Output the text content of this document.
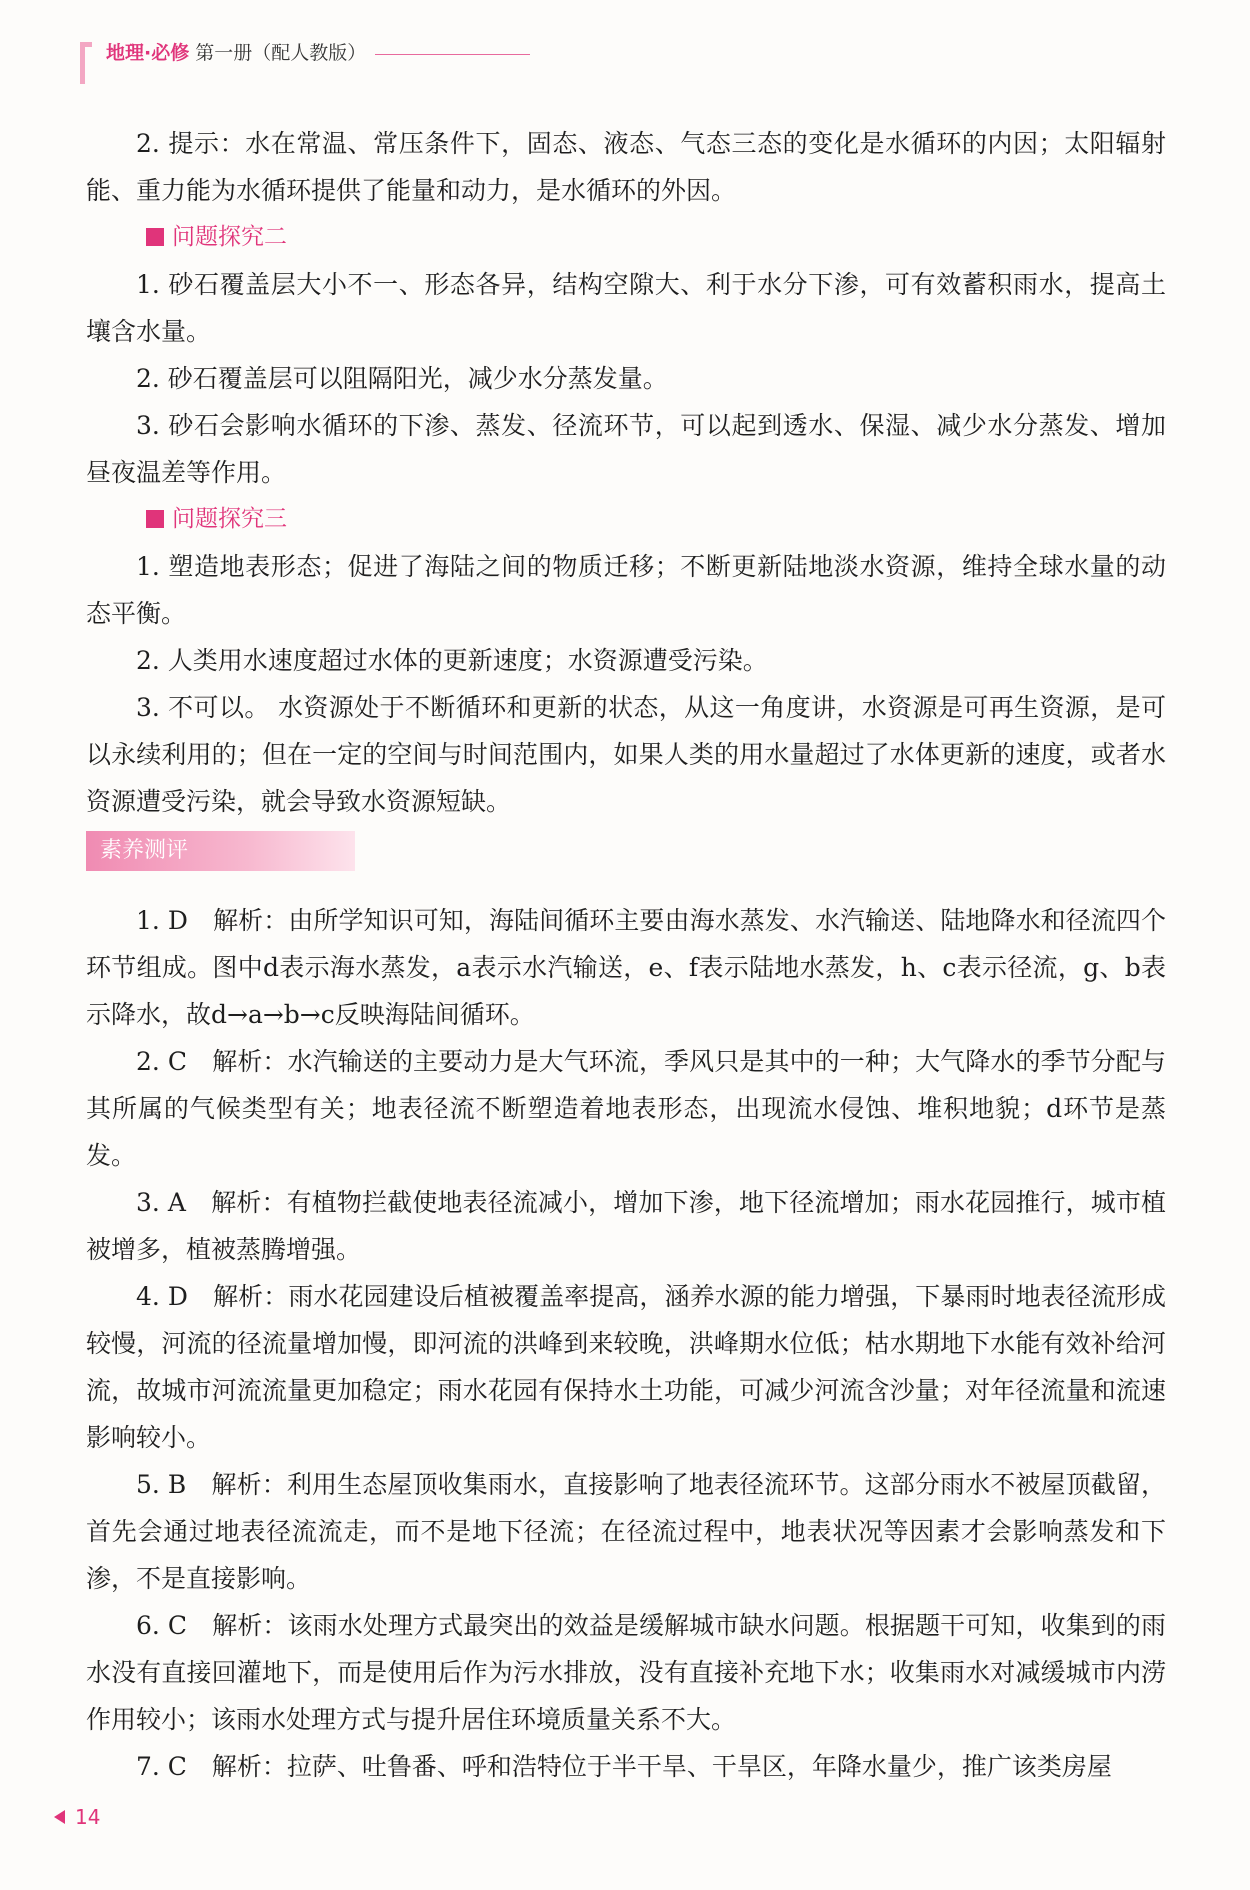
地理·必修 第一册（配人教版）

2. 提示：水在常温、常压条件下，固态、液态、气态三态的变化是水循环的内因；太阳辐射能、重力能为水循环提供了能量和动力，是水循环的外因。

问题探究二

1. 砂石覆盖层大小不一、形态各异，结构空隙大、利于水分下渗，可有效蓄积雨水，提高土壤含水量。

2. 砂石覆盖层可以阻隔阳光，减少水分蒸发量。

3. 砂石会影响水循环的下渗、蒸发、径流环节，可以起到透水、保湿、减少水分蒸发、增加昼夜温差等作用。

问题探究三

1. 塑造地表形态；促进了海陆之间的物质迁移；不断更新陆地淡水资源，维持全球水量的动态平衡。

2. 人类用水速度超过水体的更新速度；水资源遭受污染。

3. 不可以。 水资源处于不断循环和更新的状态，从这一角度讲，水资源是可再生资源，是可以永续利用的；但在一定的空间与时间范围内，如果人类的用水量超过了水体更新的速度，或者水资源遭受污染，就会导致水资源短缺。

素养测评

1. D　解析：由所学知识可知，海陆间循环主要由海水蒸发、水汽输送、陆地降水和径流四个环节组成。图中d表示海水蒸发，a表示水汽输送，e、f表示陆地水蒸发，h、c表示径流，g、b表示降水，故d→a→b→c反映海陆间循环。

2. C　解析：水汽输送的主要动力是大气环流，季风只是其中的一种；大气降水的季节分配与其所属的气候类型有关；地表径流不断塑造着地表形态，出现流水侵蚀、堆积地貌；d环节是蒸发。

3. A　解析：有植物拦截使地表径流减小，增加下渗，地下径流增加；雨水花园推行，城市植被增多，植被蒸腾增强。

4. D　解析：雨水花园建设后植被覆盖率提高，涵养水源的能力增强，下暴雨时地表径流形成较慢，河流的径流量增加慢，即河流的洪峰到来较晚，洪峰期水位低；枯水期地下水能有效补给河流，故城市河流流量更加稳定；雨水花园有保持水土功能，可减少河流含沙量；对年径流量和流速影响较小。

5. B　解析：利用生态屋顶收集雨水，直接影响了地表径流环节。这部分雨水不被屋顶截留，首先会通过地表径流流走，而不是地下径流；在径流过程中，地表状况等因素才会影响蒸发和下渗，不是直接影响。

6. C　解析：该雨水处理方式最突出的效益是缓解城市缺水问题。根据题干可知，收集到的雨水没有直接回灌地下，而是使用后作为污水排放，没有直接补充地下水；收集雨水对减缓城市内涝作用较小；该雨水处理方式与提升居住环境质量关系不大。

7. C　解析：拉萨、吐鲁番、呼和浩特位于半干旱、干旱区，年降水量少，推广该类房屋

14
